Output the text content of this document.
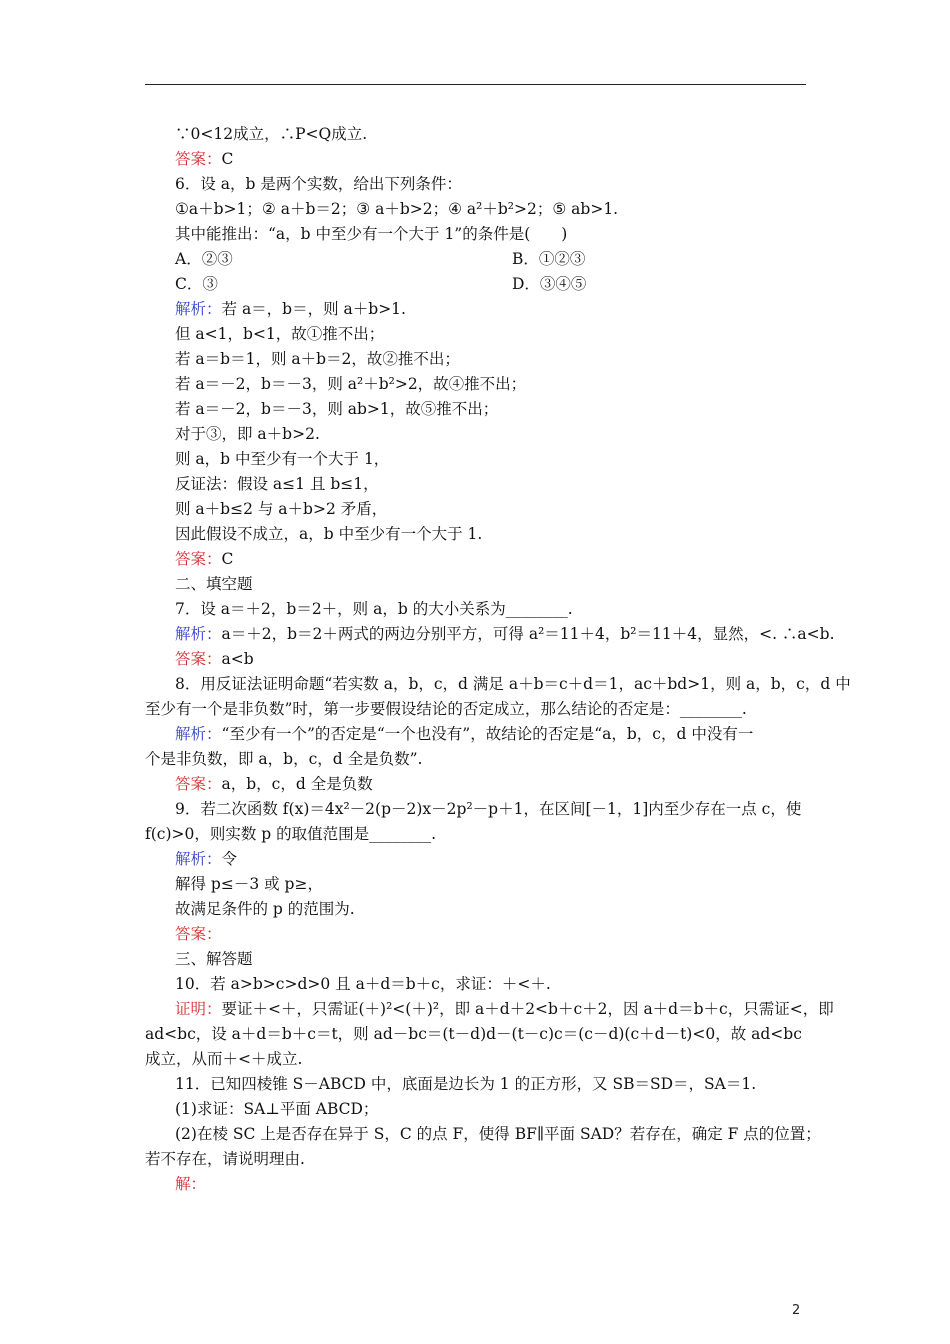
∵0<12成立，∴P<Q成立.
答案：C
6．设 a，b 是两个实数，给出下列条件：
①a＋b>1；② a＋b＝2；③ a＋b>2；④ a²＋b²>2；⑤ ab>1.
其中能推出：“a，b 中至少有一个大于 1”的条件是(　　)
A．②③	B．①②③
C．③	D．③④⑤
解析：若 a＝，b＝，则 a＋b>1.
但 a<1，b<1，故①推不出；
若 a＝b＝1，则 a＋b＝2，故②推不出；
若 a＝－2，b＝－3，则 a²＋b²>2，故④推不出；
若 a＝－2，b＝－3，则 ab>1，故⑤推不出；
对于③，即 a＋b>2.
则 a，b 中至少有一个大于 1，
反证法：假设 a≤1 且 b≤1，
则 a＋b≤2 与 a＋b>2 矛盾，
因此假设不成立，a，b 中至少有一个大于 1.
答案：C
二、填空题
7．设 a＝＋2，b＝2＋，则 a，b 的大小关系为________.
解析：a＝＋2，b＝2＋两式的两边分别平方，可得 a²＝11＋4，b²＝11＋4，显然，<. ∴a<b.
答案：a<b
8．用反证法证明命题“若实数 a，b，c，d 满足 a＋b＝c＋d＝1，ac＋bd>1，则 a，b，c，d 中
至少有一个是非负数”时，第一步要假设结论的否定成立，那么结论的否定是：________.
解析：“至少有一个”的否定是“一个也没有”，故结论的否定是“a，b，c，d 中没有一
个是非负数，即 a，b，c，d 全是负数”.
答案：a，b，c，d 全是负数
9．若二次函数 f(x)＝4x²－2(p－2)x－2p²－p＋1，在区间[－1，1]内至少存在一点 c，使
f(c)>0，则实数 p 的取值范围是________.
解析：令
解得 p≤－3 或 p≥，
故满足条件的 p 的范围为.
答案：
三、解答题
10．若 a>b>c>d>0 且 a＋d＝b＋c，求证：＋<＋.
证明：要证＋<＋，只需证(＋)²<(＋)²，即 a＋d＋2<b＋c＋2，因 a＋d＝b＋c，只需证<，即
ad<bc，设 a＋d＝b＋c＝t，则 ad－bc＝(t－d)d－(t－c)c＝(c－d)(c＋d－t)<0，故 ad<bc
成立，从而＋<＋成立.
11．已知四棱锥 S－ABCD 中，底面是边长为 1 的正方形，又 SB＝SD＝，SA＝1.
(1)求证：SA⊥平面 ABCD；
(2)在棱 SC 上是否存在异于 S，C 的点 F，使得 BF∥平面 SAD？若存在，确定 F 点的位置；
若不存在，请说明理由.
解：
2
